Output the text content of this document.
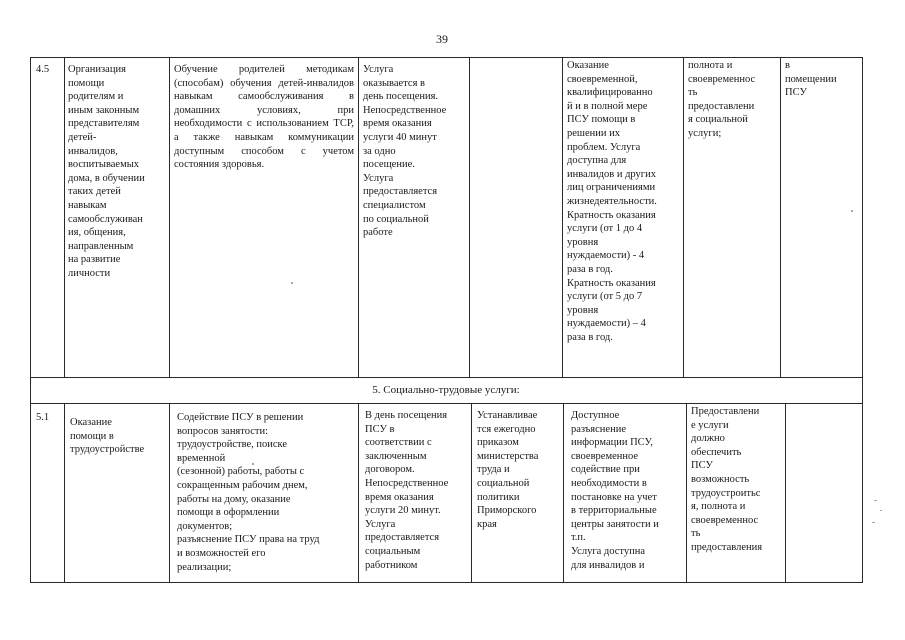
39
4.5	Организация
помощи
родителям и
иным законным
представителям
детей-
инвалидов,
воспитываемых
дома, в обучении
таких детей
навыкам
самообслуживан
ия, общения,
направленным
на развитие
личности
Обучение родителей методикам (способам) обучения детей-инвалидов навыкам самообслуживания в домашних условиях, при необходимости с использованием ТСР, а также навыкам коммуникации доступным способом с учетом состояния здоровья.
Услуга
оказывается в
день посещения.
Непосредственное
время оказания
услуги 40 минут
за одно
посещение.
Услуга
предоставляется
специалистом
по социальной
работе
Оказание
своевременной,
квалифицированно
й и в полной мере
ПСУ помощи в
решении их
проблем. Услуга
доступна для
инвалидов и других
лиц ограничениями
жизнедеятельности.
Кратность оказания
услуги (от 1 до 4
уровня
нуждаемости) - 4
раза в год.
Кратность оказания
услуги (от 5 до 7
уровня
нуждаемости) – 4
раза в год.
полнота и
своевременнос
ть
предоставлени
я социальной
услуги;
в
помещении
ПСУ
5. Социально-трудовые услуги:
5.1	Оказание
помощи в
трудоустройстве
Содействие ПСУ в решении
вопросов занятости:
трудоустройстве, поиске
временной
(сезонной) работы, работы с
сокращенным рабочим днем,
работы на дому, оказание
помощи в оформлении
документов;
разъяснение ПСУ права на труд
и возможностей его
реализации;
В день посещения
ПСУ в
соответствии с
заключенным
договором.
Непосредственное
время оказания
услуги 20 минут.
Услуга
предоставляется
социальным
работником
Устанавливае
тся ежегодно
приказом
министерства
труда и
социальной
политики
Приморского
края
Доступное
разъяснение
информации ПСУ,
своевременное
содействие при
необходимости в
постановке на учет
в территориальные
центры занятости и
т.п.
Услуга доступна
для инвалидов и
Предоставлени
е услуги
должно
обеспечить
ПСУ
возможность
трудоустроитьс
я, полнота и
своевременнос
ть
предоставления
